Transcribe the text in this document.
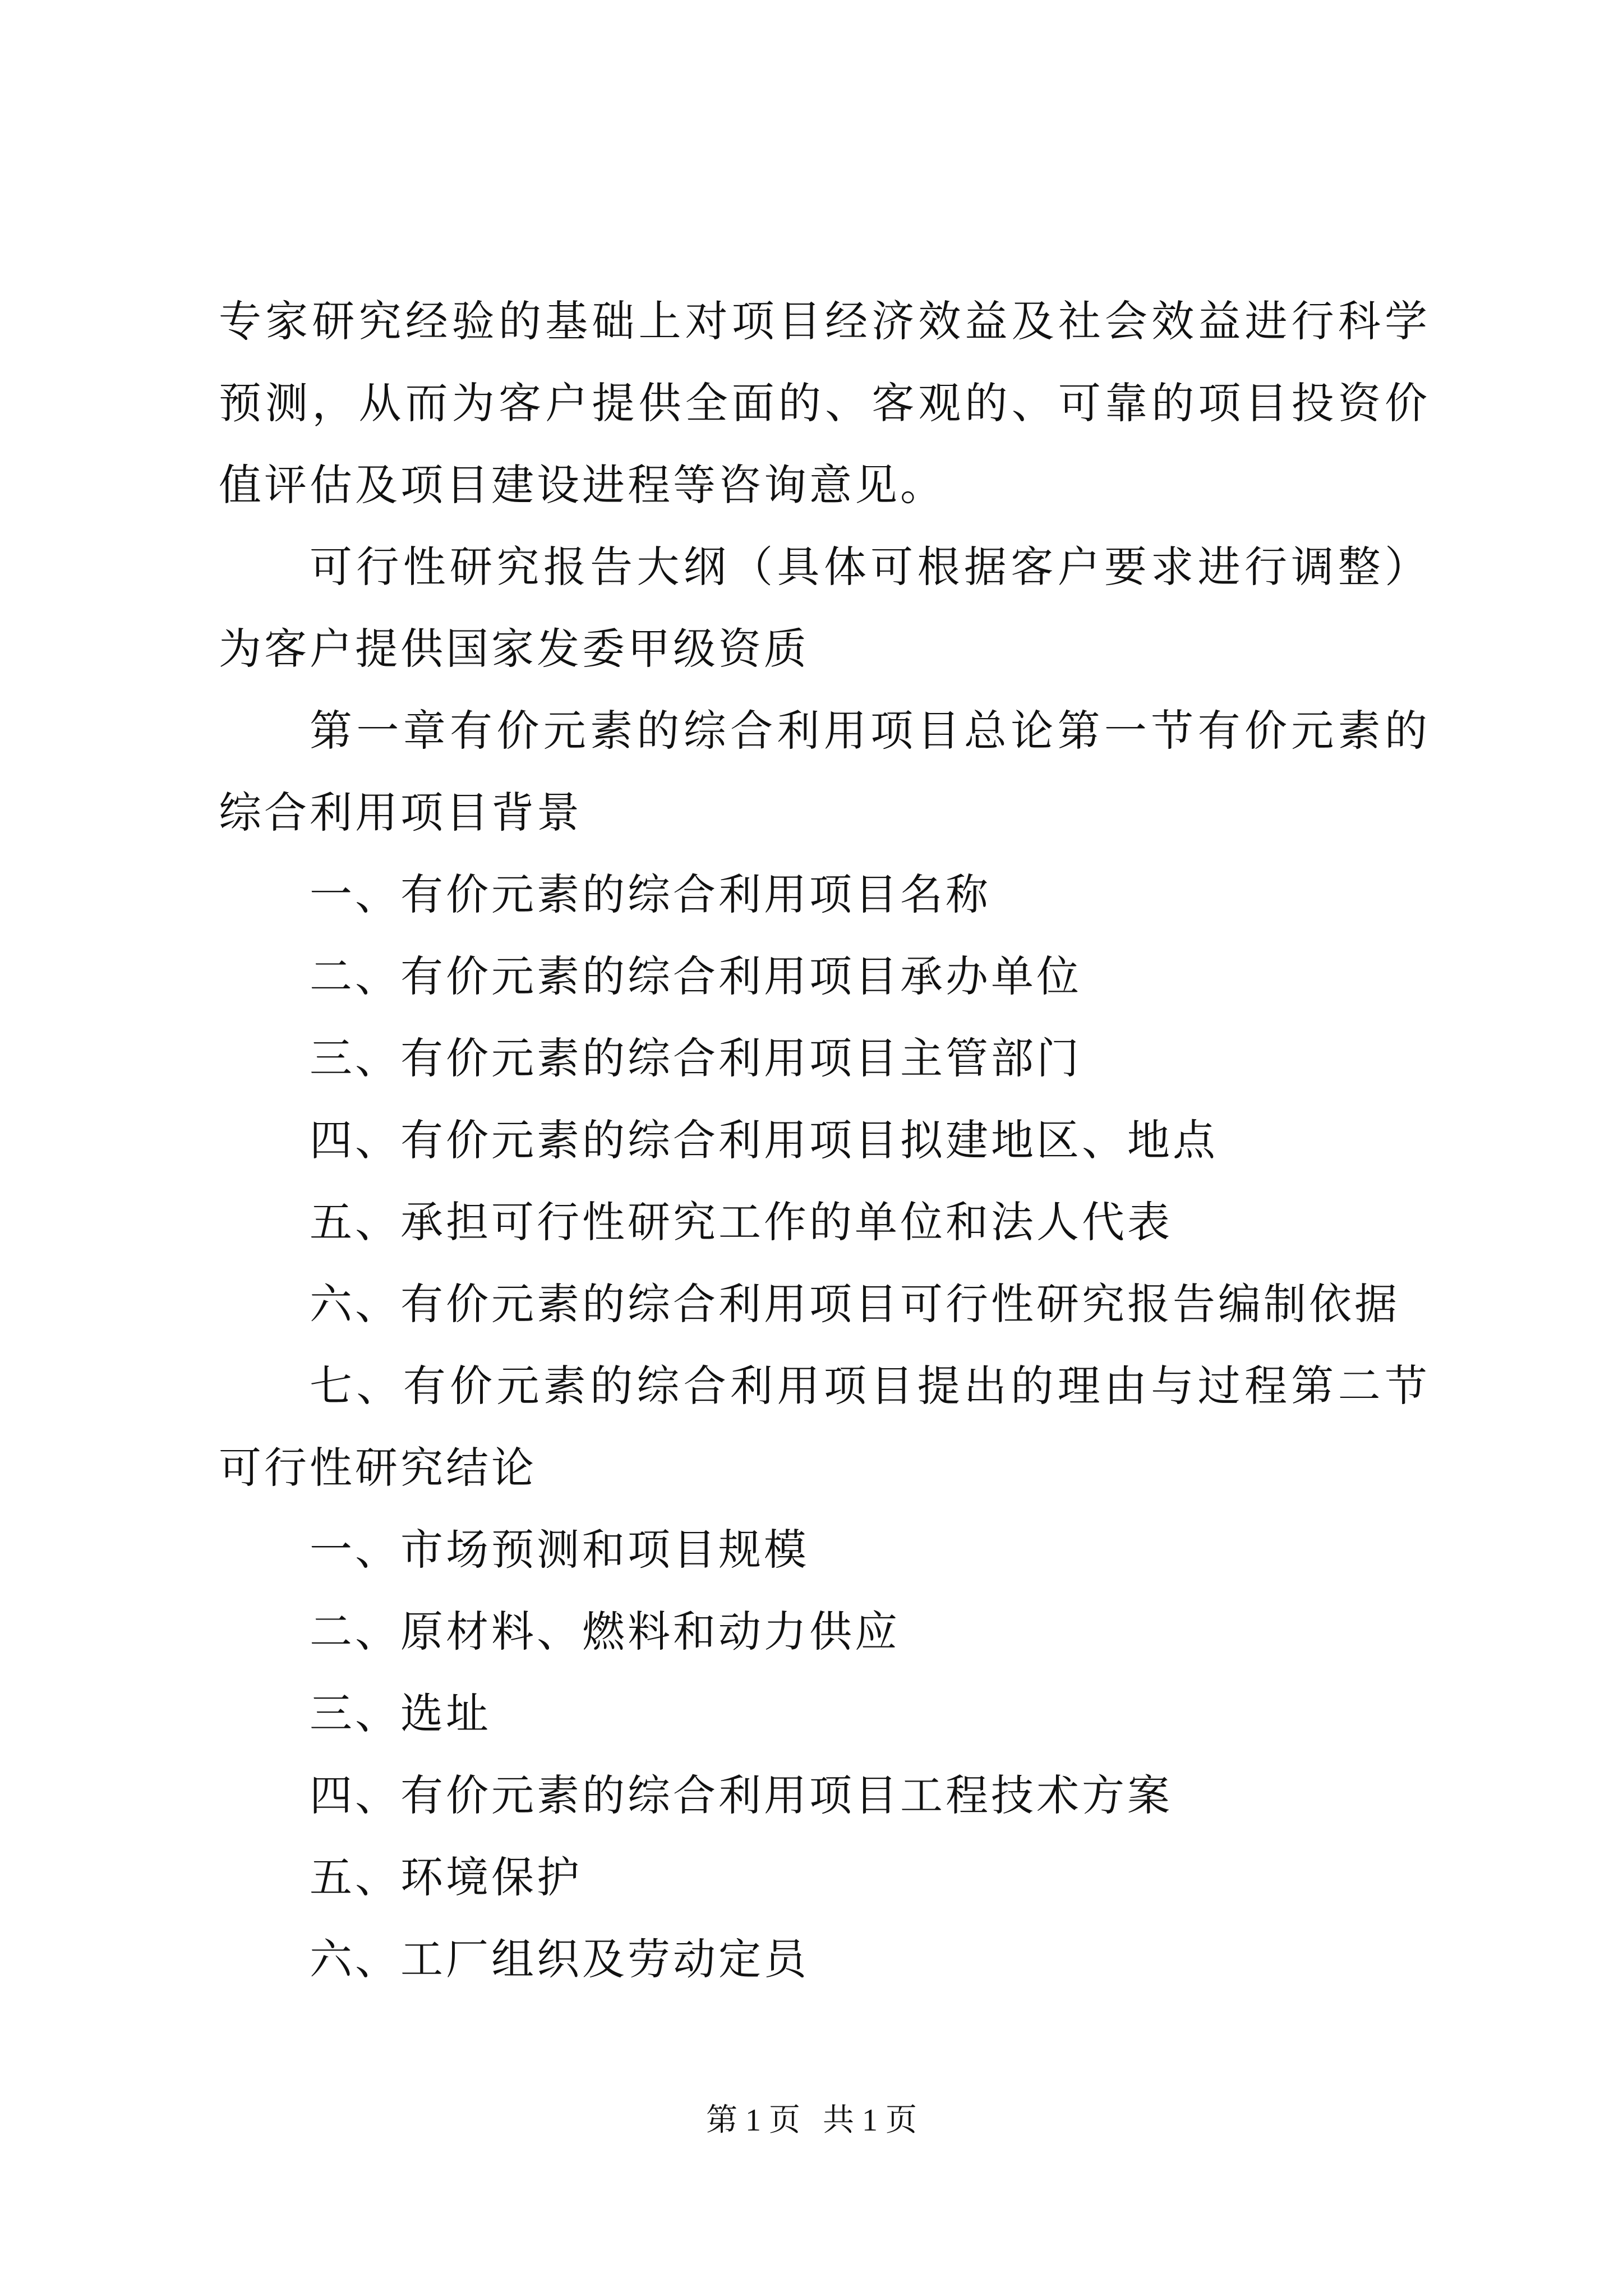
专家研究经验的基础上对项目经济效益及社会效益进行科学预测，从而为客户提供全面的、客观的、可靠的项目投资价值评估及项目建设进程等咨询意见。

可行性研究报告大纲（具体可根据客户要求进行调整）为客户提供国家发委甲级资质

第一章有价元素的综合利用项目总论第一节有价元素的综合利用项目背景

一、有价元素的综合利用项目名称

二、有价元素的综合利用项目承办单位

三、有价元素的综合利用项目主管部门

四、有价元素的综合利用项目拟建地区、地点

五、承担可行性研究工作的单位和法人代表

六、有价元素的综合利用项目可行性研究报告编制依据

七、有价元素的综合利用项目提出的理由与过程第二节可行性研究结论

一、市场预测和项目规模

二、原材料、燃料和动力供应

三、选址

四、有价元素的综合利用项目工程技术方案

五、环境保护

六、工厂组织及劳动定员

第 1 页 共 1 页
